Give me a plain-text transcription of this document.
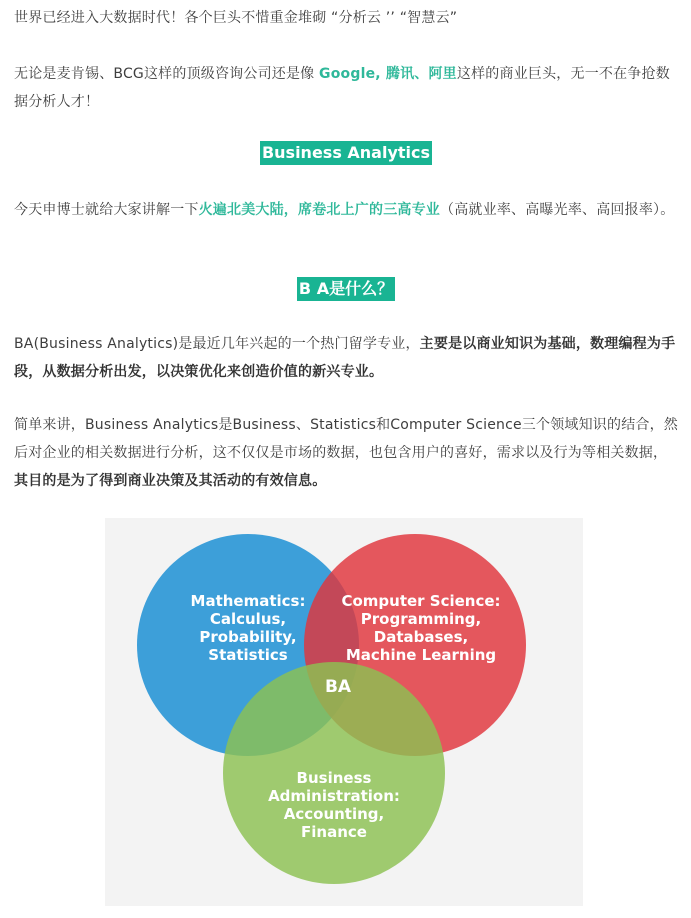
世界已经进入大数据时代！各个巨头不惜重金堆砌 “分析云 ’’ “智慧云”

无论是麦肯锡、BCG这样的顶级咨询公司还是像 Google, 腾讯、阿里这样的商业巨头，无一不在争抢数据分析人才！

Business Analytics

今天申博士就给大家讲解一下火遍北美大陆，席卷北上广的三高专业（高就业率、高曝光率、高回报率）。

B A是什么？

BA(Business Analytics)是最近几年兴起的一个热门留学专业，主要是以商业知识为基础，数理编程为手段，从数据分析出发，以决策优化来创造价值的新兴专业。

简单来讲，Business Analytics是Business、Statistics和Computer Science三个领域知识的结合，然后对企业的相关数据进行分析，这不仅仅是市场的数据，也包含用户的喜好，需求以及行为等相关数据，其目的是为了得到商业决策及其活动的有效信息。

Mathematics:
Calculus,
Probability,
Statistics
Computer Science:
Programming,
Databases,
Machine Learning
BA
Business
Administration:
Accounting,
Finance
